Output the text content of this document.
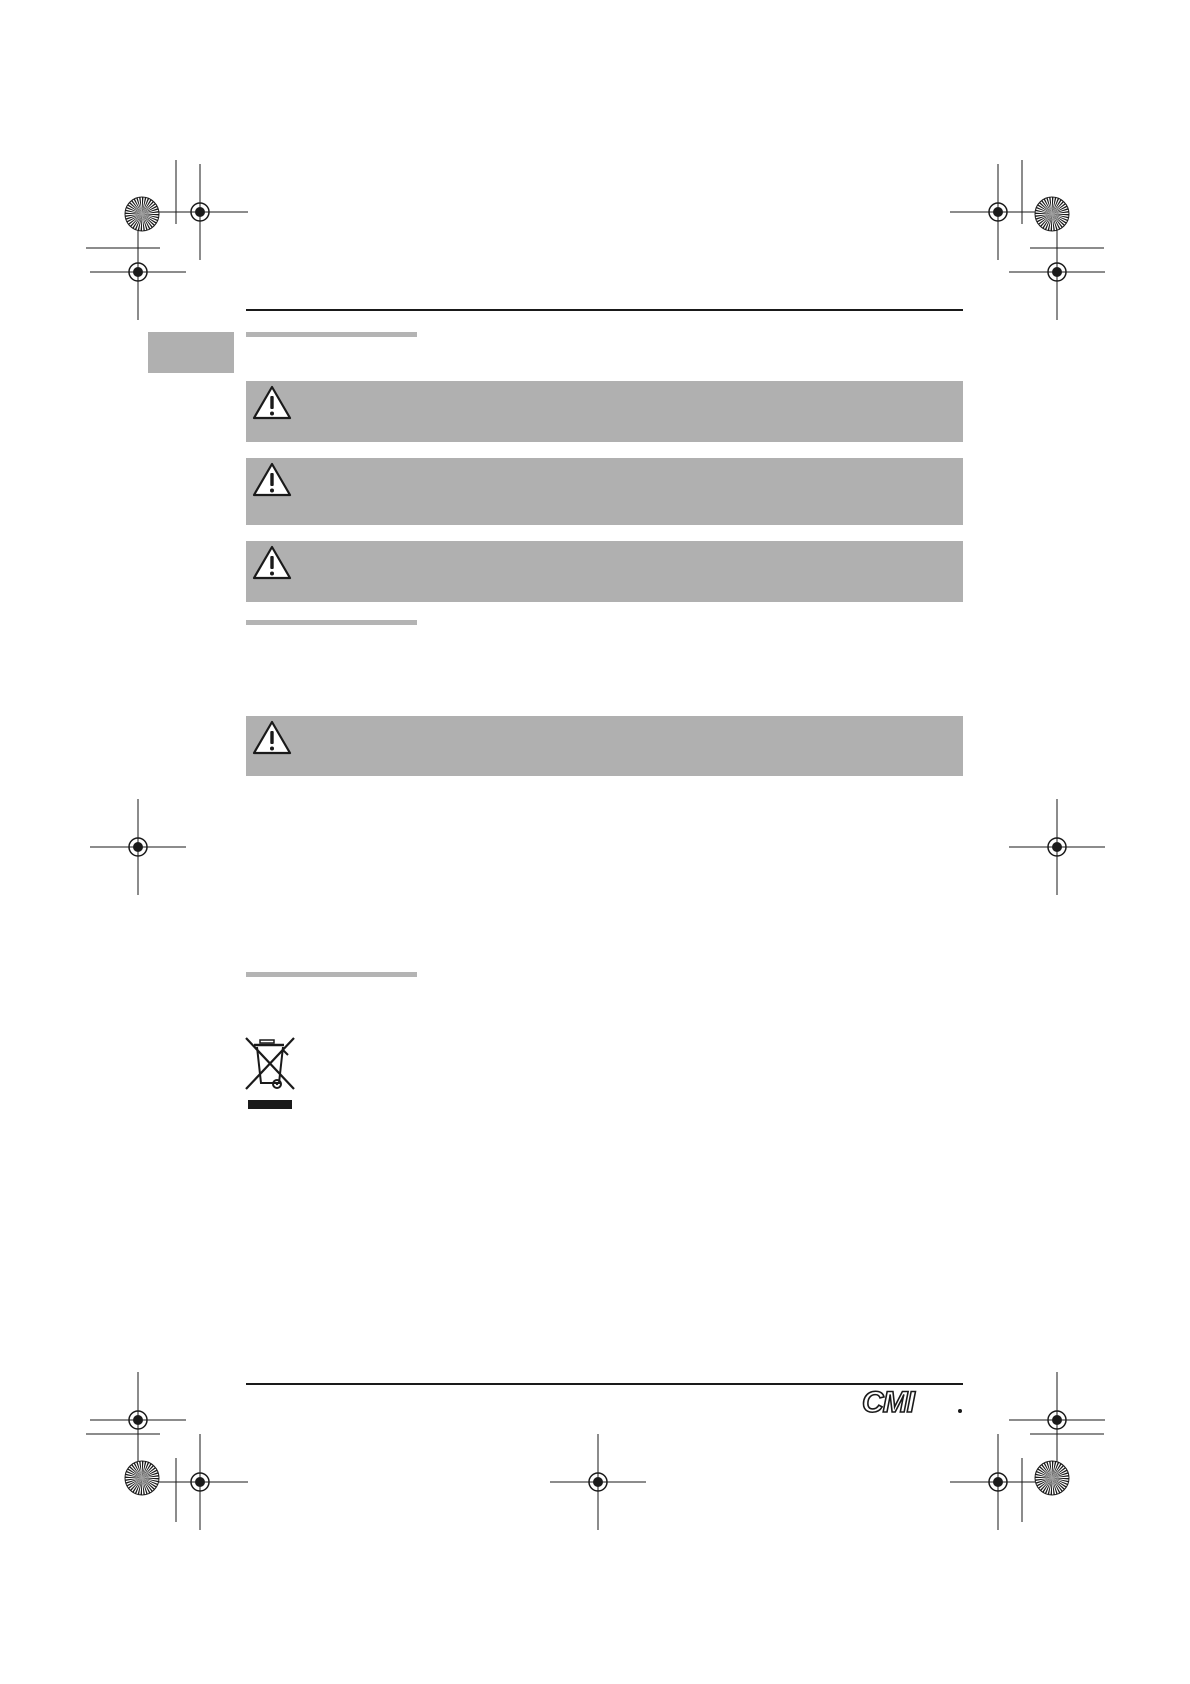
CMI
